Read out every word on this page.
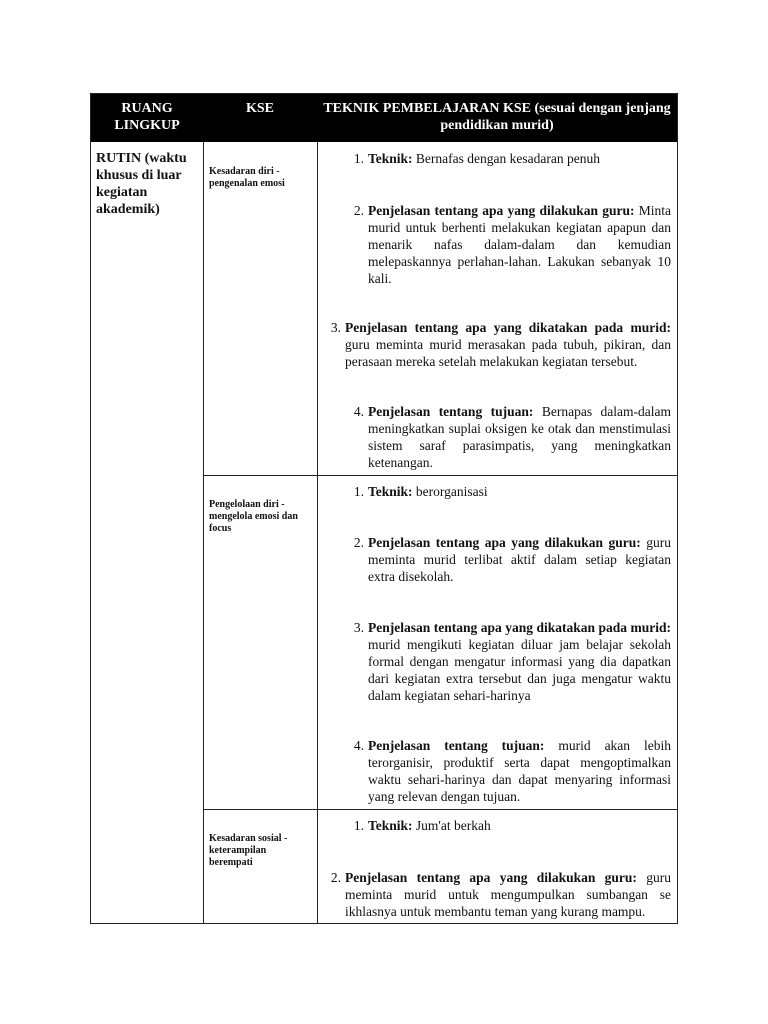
RUANG LINGKUP
KSE	TEKNIK PEMBELAJARAN KSE (sesuai dengan jenjang pendidikan murid)
RUTIN (waktu khusus di luar kegiatan akademik)
Kesadaran diri - pengenalan emosi
1. Teknik: Bernafas dengan kesadaran penuh
2. Penjelasan tentang apa yang dilakukan guru: Minta murid untuk berhenti melakukan kegiatan apapun dan menarik nafas dalam-dalam dan kemudian melepaskannya perlahan-lahan. Lakukan sebanyak 10 kali.
3. Penjelasan tentang apa yang dikatakan pada murid: guru meminta murid merasakan pada tubuh, pikiran, dan perasaan mereka setelah melakukan kegiatan tersebut.
4. Penjelasan tentang tujuan: Bernapas dalam-dalam meningkatkan suplai oksigen ke otak dan menstimulasi sistem saraf parasimpatis, yang meningkatkan ketenangan.
Pengelolaan diri - mengelola emosi dan focus
1. Teknik: berorganisasi
2. Penjelasan tentang apa yang dilakukan guru: guru meminta murid terlibat aktif dalam setiap kegiatan extra disekolah.
3. Penjelasan tentang apa yang dikatakan pada murid: murid mengikuti kegiatan diluar jam belajar sekolah formal dengan mengatur informasi yang dia dapatkan dari kegiatan extra tersebut dan juga mengatur waktu dalam kegiatan sehari-harinya
4. Penjelasan tentang tujuan: murid akan lebih terorganisir, produktif serta dapat mengoptimalkan waktu sehari-harinya dan dapat menyaring informasi yang relevan dengan tujuan.
Kesadaran sosial - keterampilan berempati
1. Teknik: Jum'at berkah
2. Penjelasan tentang apa yang dilakukan guru: guru meminta murid untuk mengumpulkan sumbangan se ikhlasnya untuk membantu teman yang kurang mampu.
